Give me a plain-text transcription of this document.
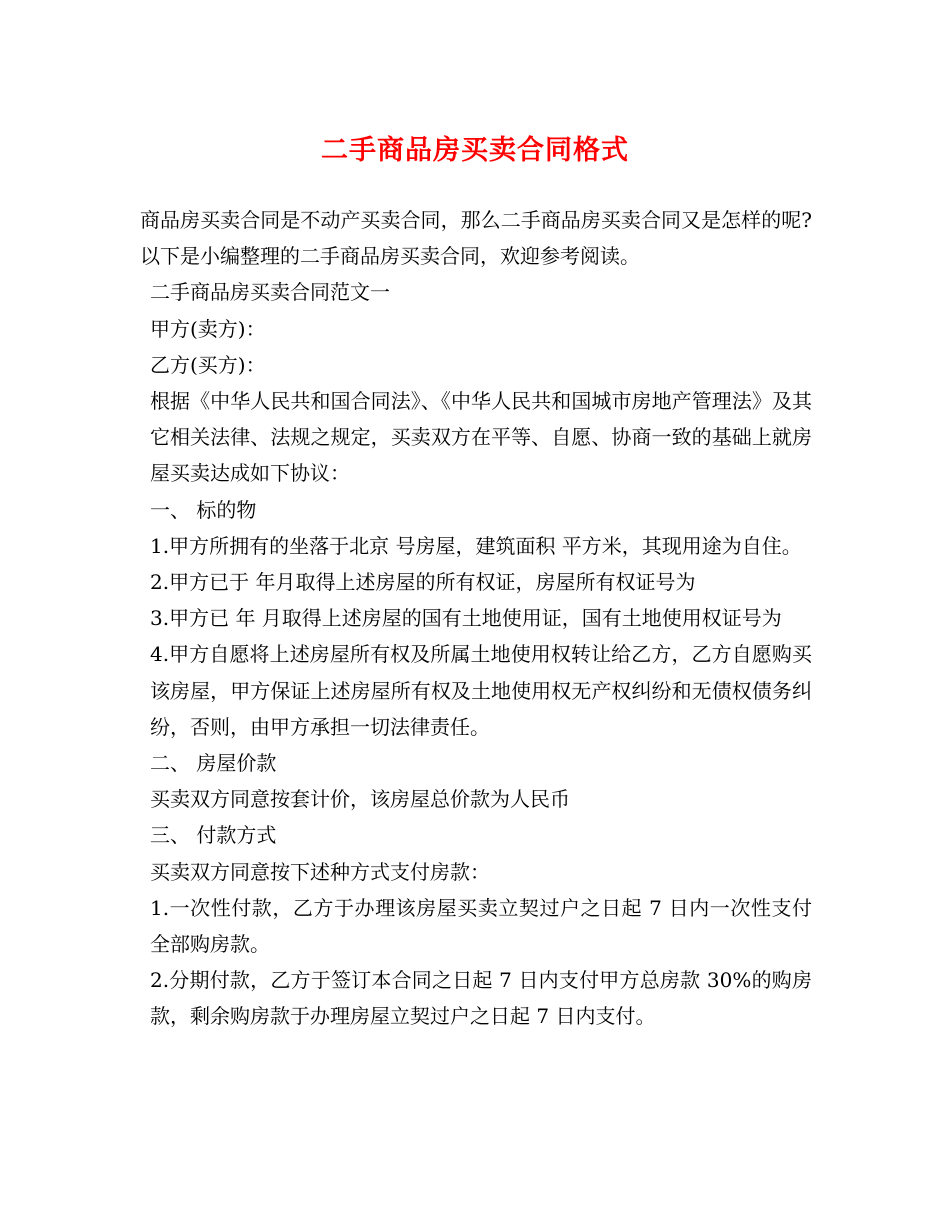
二手商品房买卖合同格式

商品房买卖合同是不动产买卖合同，那么二手商品房买卖合同又是怎样的呢?以下是小编整理的二手商品房买卖合同，欢迎参考阅读。

二手商品房买卖合同范文一

甲方(卖方)：

乙方(买方)：

根据《中华人民共和国合同法》、《中华人民共和国城市房地产管理法》及其它相关法律、法规之规定，买卖双方在平等、自愿、协商一致的基础上就房屋买卖达成如下协议：

一、 标的物

1.甲方所拥有的坐落于北京 号房屋，建筑面积 平方米，其现用途为自住。

2.甲方已于 年月取得上述房屋的所有权证，房屋所有权证号为

3.甲方已 年 月取得上述房屋的国有土地使用证，国有土地使用权证号为

4.甲方自愿将上述房屋所有权及所属土地使用权转让给乙方，乙方自愿购买该房屋，甲方保证上述房屋所有权及土地使用权无产权纠纷和无债权债务纠纷，否则，由甲方承担一切法律责任。

二、 房屋价款

买卖双方同意按套计价，该房屋总价款为人民币

三、 付款方式

买卖双方同意按下述种方式支付房款：

1.一次性付款，乙方于办理该房屋买卖立契过户之日起 7 日内一次性支付全部购房款。

2.分期付款，乙方于签订本合同之日起 7 日内支付甲方总房款 30%的购房款，剩余购房款于办理房屋立契过户之日起 7 日内支付。
